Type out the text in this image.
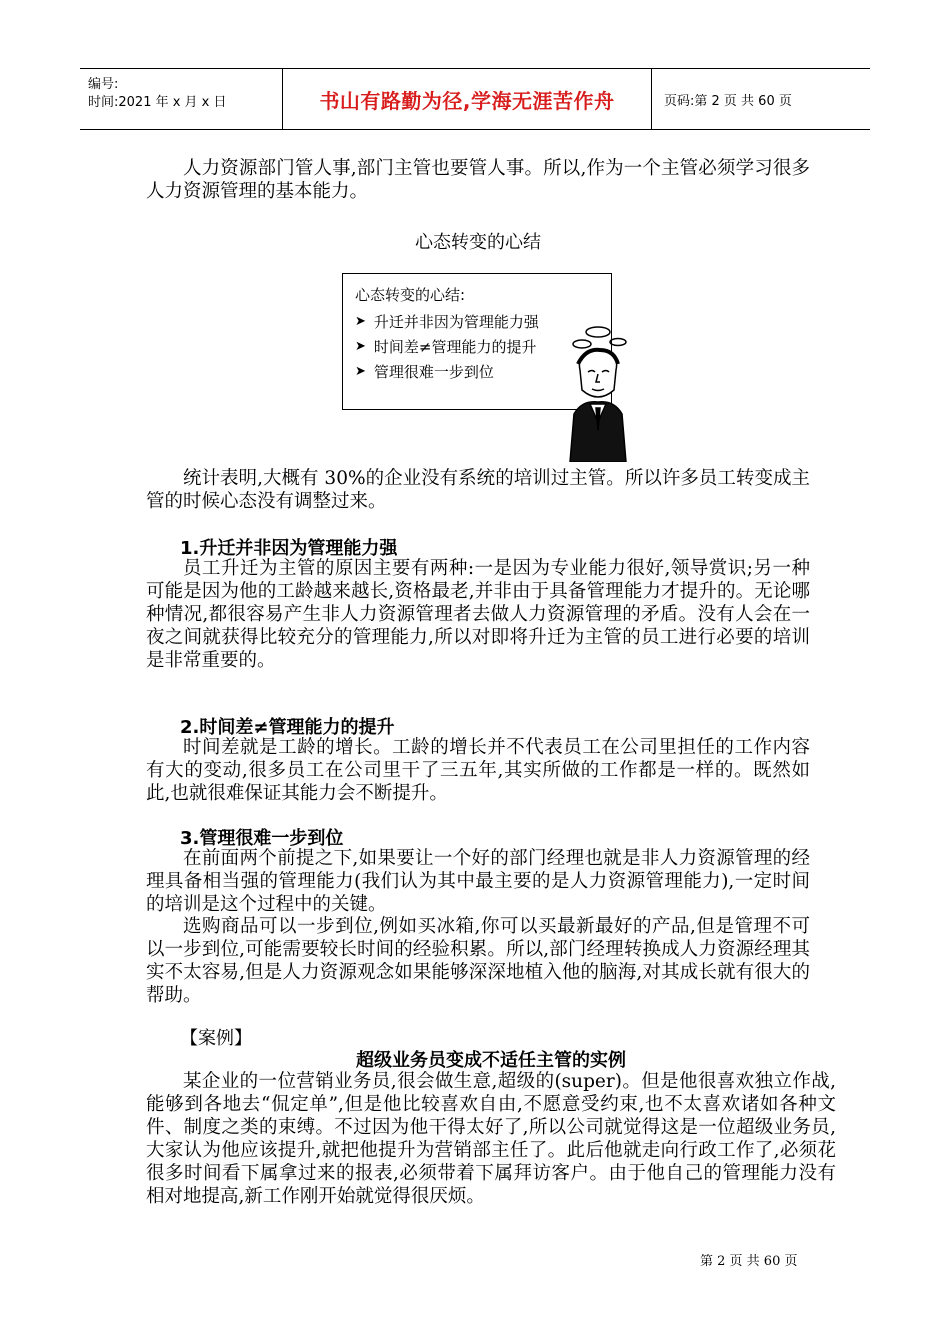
编号:
时间:2021 年 x 月 x 日	书山有路勤为径,学海无涯苦作舟	页码:第 2 页 共 60 页

人力资源部门管人事,部门主管也要管人事。所以,作为一个主管必须学习很多人力资源管理的基本能力。

心态转变的心结

心态转变的心结:
➤ 升迁并非因为管理能力强
➤ 时间差≠管理能力的提升
➤ 管理很难一步到位

统计表明,大概有 30%的企业没有系统的培训过主管。所以许多员工转变成主管的时候心态没有调整过来。

1.升迁并非因为管理能力强

员工升迁为主管的原因主要有两种:一是因为专业能力很好,领导赏识;另一种可能是因为他的工龄越来越长,资格最老,并非由于具备管理能力才提升的。无论哪种情况,都很容易产生非人力资源管理者去做人力资源管理的矛盾。没有人会在一夜之间就获得比较充分的管理能力,所以对即将升迁为主管的员工进行必要的培训是非常重要的。

2.时间差≠管理能力的提升

时间差就是工龄的增长。工龄的增长并不代表员工在公司里担任的工作内容有大的变动,很多员工在公司里干了三五年,其实所做的工作都是一样的。既然如此,也就很难保证其能力会不断提升。

3.管理很难一步到位

在前面两个前提之下,如果要让一个好的部门经理也就是非人力资源管理的经理具备相当强的管理能力(我们认为其中最主要的是人力资源管理能力),一定时间的培训是这个过程中的关键。

选购商品可以一步到位,例如买冰箱,你可以买最新最好的产品,但是管理不可以一步到位,可能需要较长时间的经验积累。所以,部门经理转换成人力资源经理其实不太容易,但是人力资源观念如果能够深深地植入他的脑海,对其成长就有很大的帮助。

【案例】

超级业务员变成不适任主管的实例

某企业的一位营销业务员,很会做生意,超级的(super)。但是他很喜欢独立作战,能够到各地去“侃定单”,但是他比较喜欢自由,不愿意受约束,也不太喜欢诸如各种文件、制度之类的束缚。不过因为他干得太好了,所以公司就觉得这是一位超级业务员,大家认为他应该提升,就把他提升为营销部主任了。此后他就走向行政工作了,必须花很多时间看下属拿过来的报表,必须带着下属拜访客户。由于他自己的管理能力没有相对地提高,新工作刚开始就觉得很厌烦。

第 2 页 共 60 页
